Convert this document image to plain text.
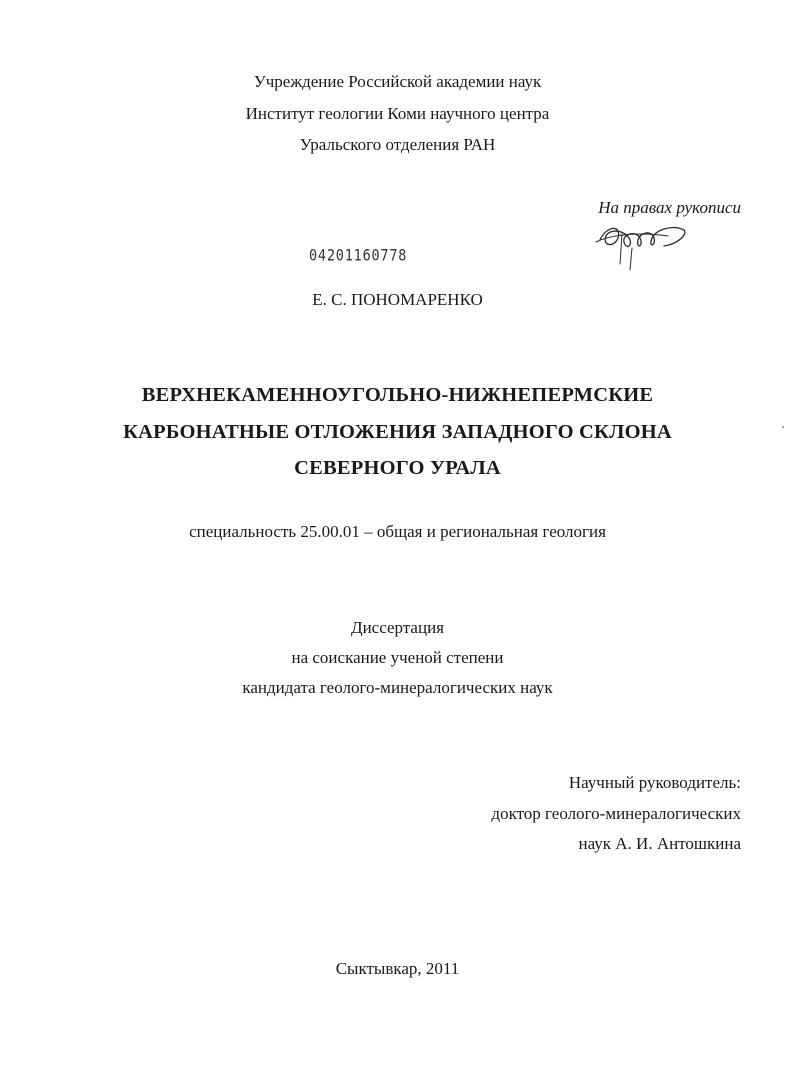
Учреждение Российской академии наук
Институт геологии Коми научного центра
Уральского отделения РАН
На правах рукописи
04201160778
Е. С. ПОНОМАРЕНКО
ВЕРХНЕКАМЕННОУГОЛЬНО-НИЖНЕПЕРМСКИЕ
КАРБОНАТНЫЕ ОТЛОЖЕНИЯ ЗАПАДНОГО СКЛОНА
СЕВЕРНОГО УРАЛА
специальность 25.00.01 – общая и региональная геология
Диссертация
на соискание ученой степени
кандидата геолого-минералогических наук
Научный руководитель:
доктор геолого-минералогических
наук А. И. Антошкина
Сыктывкар, 2011
